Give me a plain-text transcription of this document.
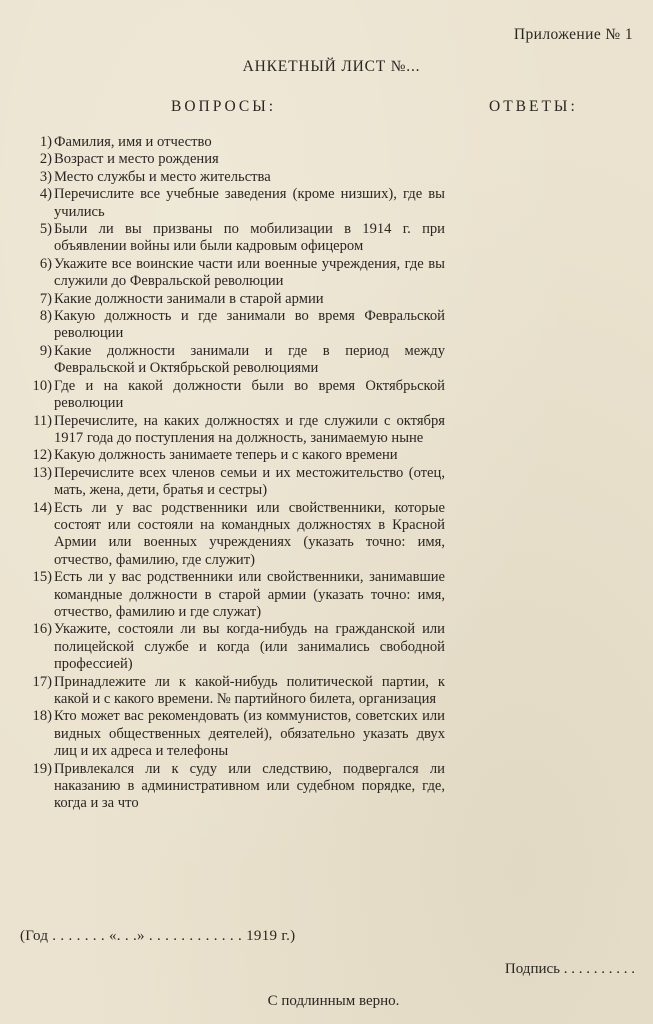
Приложение № 1
АНКЕТНЫЙ ЛИСТ №...
ВОПРОСЫ:	ОТВЕТЫ:
1) Фамилия, имя и отчество
2) Возраст и место рождения
3) Место службы и место жительства
4) Перечислите все учебные заведения (кроме низших), где вы учились
5) Были ли вы призваны по мобилизации в 1914 г. при объявлении войны или были кадровым офицером
6) Укажите все воинские части или военные учреждения, где вы служили до Февральской революции
7) Какие должности занимали в старой армии
8) Какую должность и где занимали во время Февральской революции
9) Какие должности занимали и где в период между Февральской и Октябрьской революциями
10) Где и на какой должности были во время Октябрьской революции
11) Перечислите, на каких должностях и где служили с октября 1917 года до поступления на должность, занимаемую ныне
12) Какую должность занимаете теперь и с какого времени
13) Перечислите всех членов семьи и их местожительство (отец, мать, жена, дети, братья и сестры)
14) Есть ли у вас родственники или свойственники, которые состоят или состояли на командных должностях в Красной Армии или военных учреждениях (указать точно: имя, отчество, фамилию, где служит)
15) Есть ли у вас родственники или свойственники, занимавшие командные должности в старой армии (указать точно: имя, отчество, фамилию и где служат)
16) Укажите, состояли ли вы когда-нибудь на гражданской или полицейской службе и когда (или занимались свободной профессией)
17) Принадлежите ли к какой-нибудь политической партии, к какой и с какого времени. № партийного билета, организация
18) Кто может вас рекомендовать (из коммунистов, советских или видных общественных деятелей), обязательно указать двух лиц и их адреса и телефоны
19) Привлекался ли к суду или следствию, подвергался ли наказанию в административном или судебном порядке, где, когда и за что
(Год . . . . . . . «. . .» . . . . . . . . . . . . 1919 г.)
Подпись . . . . . . . . . .
С подлинным верно.
